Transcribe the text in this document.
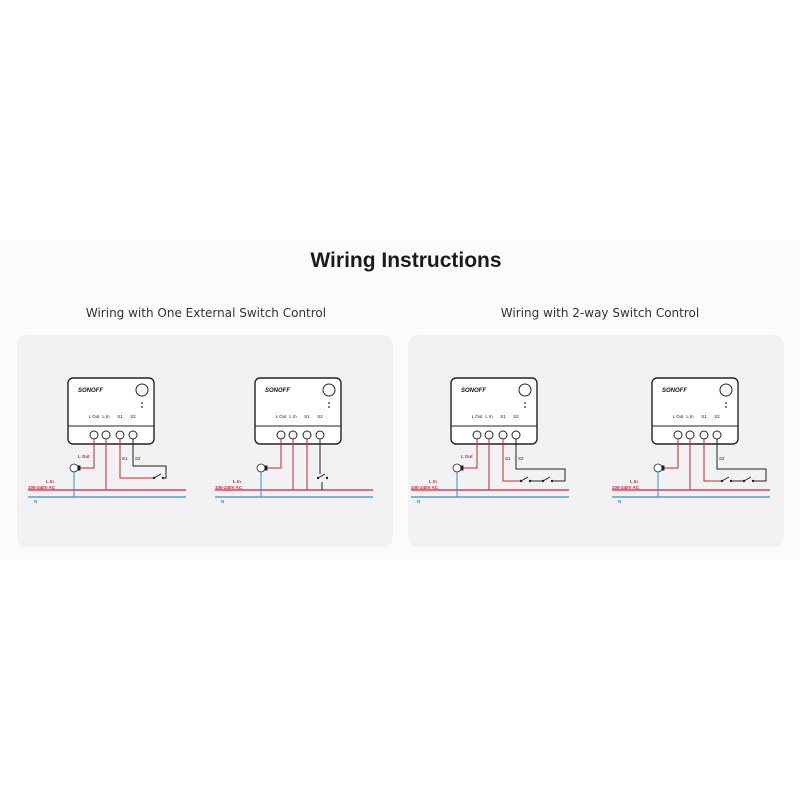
Wiring Instructions
Wiring with One External Switch Control	Wiring with 2-way Switch Control
SONOFF
L Out L In S1 S2
100-240V AC
N
L In
L Out	S1 S2
SONOFF
L Out L In S1 S2
100-240V AC
N
L In
SONOFF
L Out L In S1 S2
100-240V AC
N
L In
L Out	S1 S2
SONOFF
L Out L In S1 S2
100-240V AC
N
L In
S2
